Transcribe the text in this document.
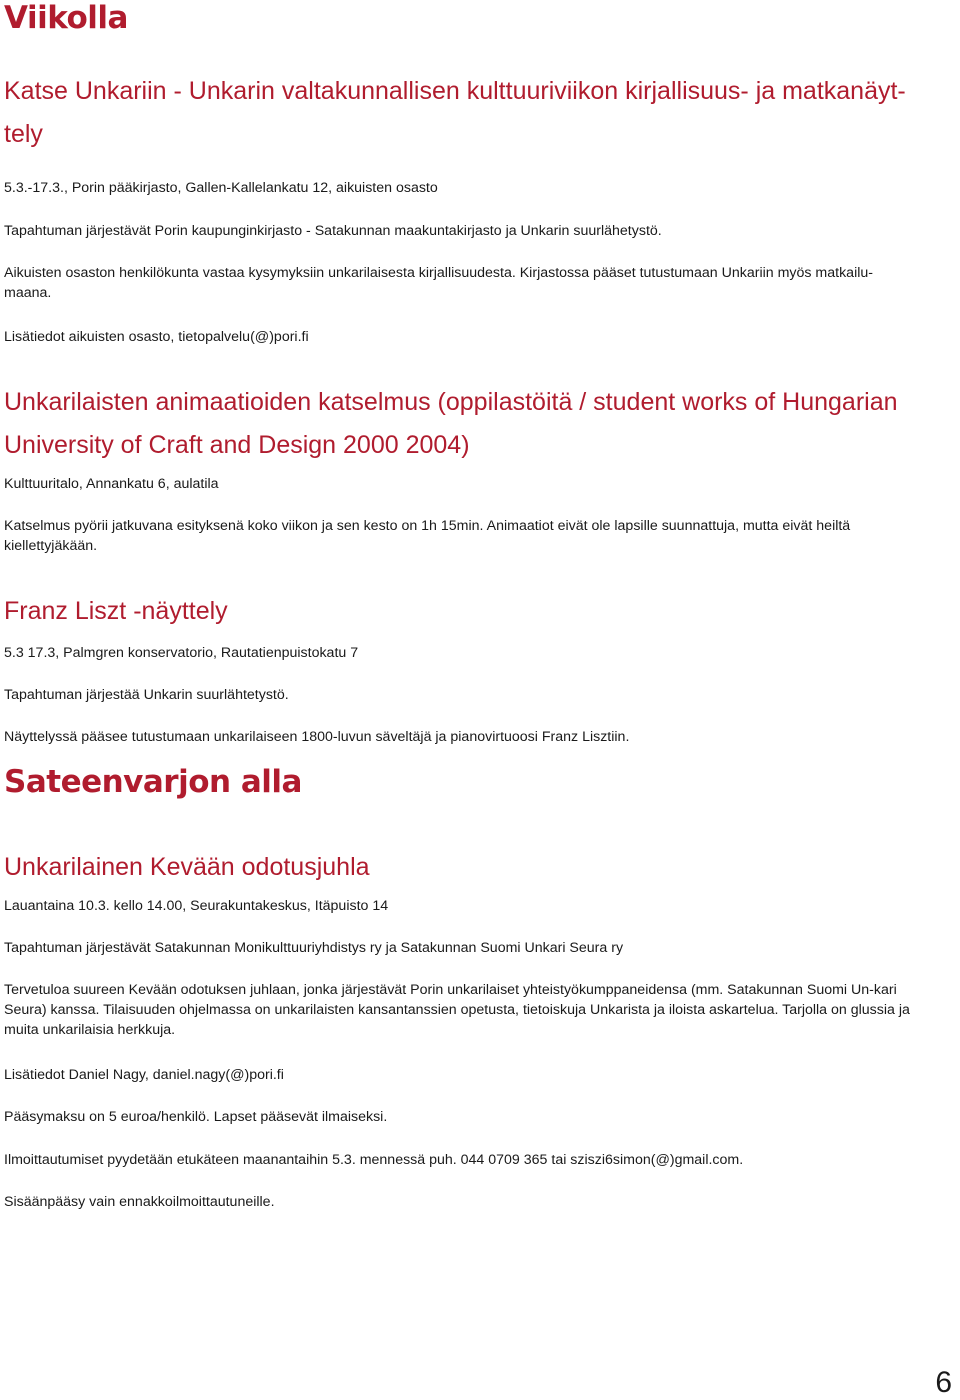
Viikolla
Katse Unkariin - Unkarin valtakunnallisen kulttuuriviikon kirjallisuus- ja matkanäyt-tely

5.3.-17.3., Porin pääkirjasto, Gallen-Kallelankatu 12, aikuisten osasto

Tapahtuman järjestävät Porin kaupunginkirjasto - Satakunnan maakuntakirjasto ja Unkarin suurlähetystö.

Aikuisten osaston henkilökunta vastaa kysymyksiin unkarilaisesta kirjallisuudesta. Kirjastossa pääset tutustumaan Unkariin myös matkailu-maana.

Lisätiedot aikuisten osasto, tietopalvelu(@)pori.fi

Unkarilaisten animaatioiden katselmus (oppilastöitä / student works of Hungarian University of Craft and Design 2000 2004)

Kulttuuritalo, Annankatu 6, aulatila

Katselmus pyörii jatkuvana esityksenä koko viikon ja sen kesto on 1h 15min. Animaatiot eivät ole lapsille suunnattuja, mutta eivät heiltä kiellettyjäkään.

Franz Liszt -näyttely

5.3 17.3, Palmgren konservatorio, Rautatienpuistokatu 7

Tapahtuman järjestää Unkarin suurlähtetystö.

Näyttelyssä pääsee tutustumaan unkarilaiseen 1800-luvun säveltäjä ja pianovirtuoosi Franz Lisztiin.

Sateenvarjon alla
Unkarilainen Kevään odotusjuhla

Lauantaina 10.3. kello 14.00, Seurakuntakeskus, Itäpuisto 14

Tapahtuman järjestävät Satakunnan Monikulttuuriyhdistys ry ja Satakunnan Suomi Unkari Seura ry

Tervetuloa suureen Kevään odotuksen juhlaan, jonka järjestävät Porin unkarilaiset yhteistyökumppaneidensa (mm. Satakunnan Suomi Un-kari Seura) kanssa. Tilaisuuden ohjelmassa on unkarilaisten kansantanssien opetusta, tietoiskuja Unkarista ja iloista askartelua. Tarjolla on glussia ja muita unkarilaisia herkkuja.

Lisätiedot Daniel Nagy, daniel.nagy(@)pori.fi

Pääsymaksu on 5 euroa/henkilö. Lapset pääsevät ilmaiseksi.

Ilmoittautumiset pyydetään etukäteen maanantaihin 5.3. mennessä puh. 044 0709 365 tai sziszi6simon(@)gmail.com.

Sisäänpääsy vain ennakkoilmoittautuneille.

6
